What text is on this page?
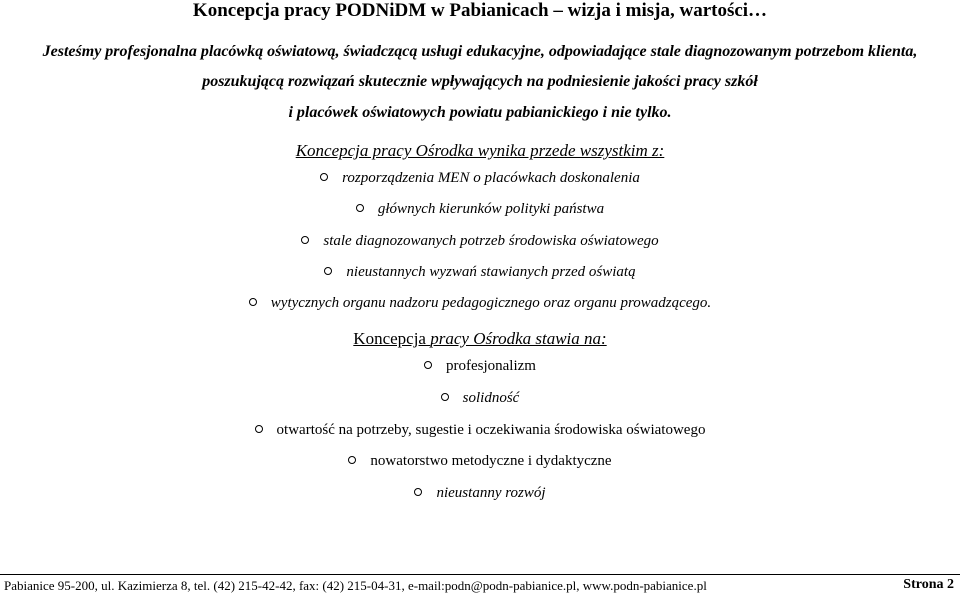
Koncepcja pracy PODNiDM w Pabianicach – wizja i misja, wartości…
Jesteśmy profesjonalna placówką oświatową, świadczącą usługi edukacyjne, odpowiadające stale diagnozowanym potrzebom klienta,
poszukującą rozwiązań skutecznie wpływających na podniesienie jakości pracy szkół
i placówek oświatowych powiatu pabianickiego i nie tylko.
Koncepcja pracy Ośrodka wynika przede wszystkim z:
rozporządzenia MEN o placówkach doskonalenia
głównych kierunków polityki państwa
stale diagnozowanych potrzeb środowiska oświatowego
nieustannych wyzwań stawianych przed oświatą
wytycznych organu nadzoru pedagogicznego oraz organu prowadzącego.
Koncepcja pracy Ośrodka stawia na:
profesjonalizm
solidność
otwartość na potrzeby, sugestie i oczekiwania środowiska oświatowego
nowatorstwo metodyczne i dydaktyczne
nieustanny rozwój
Pabianice 95-200, ul. Kazimierza 8, tel. (42) 215-42-42, fax: (42) 215-04-31, e-mail:podn@podn-pabianice.pl, www.podn-pabianice.pl	Strona 2
